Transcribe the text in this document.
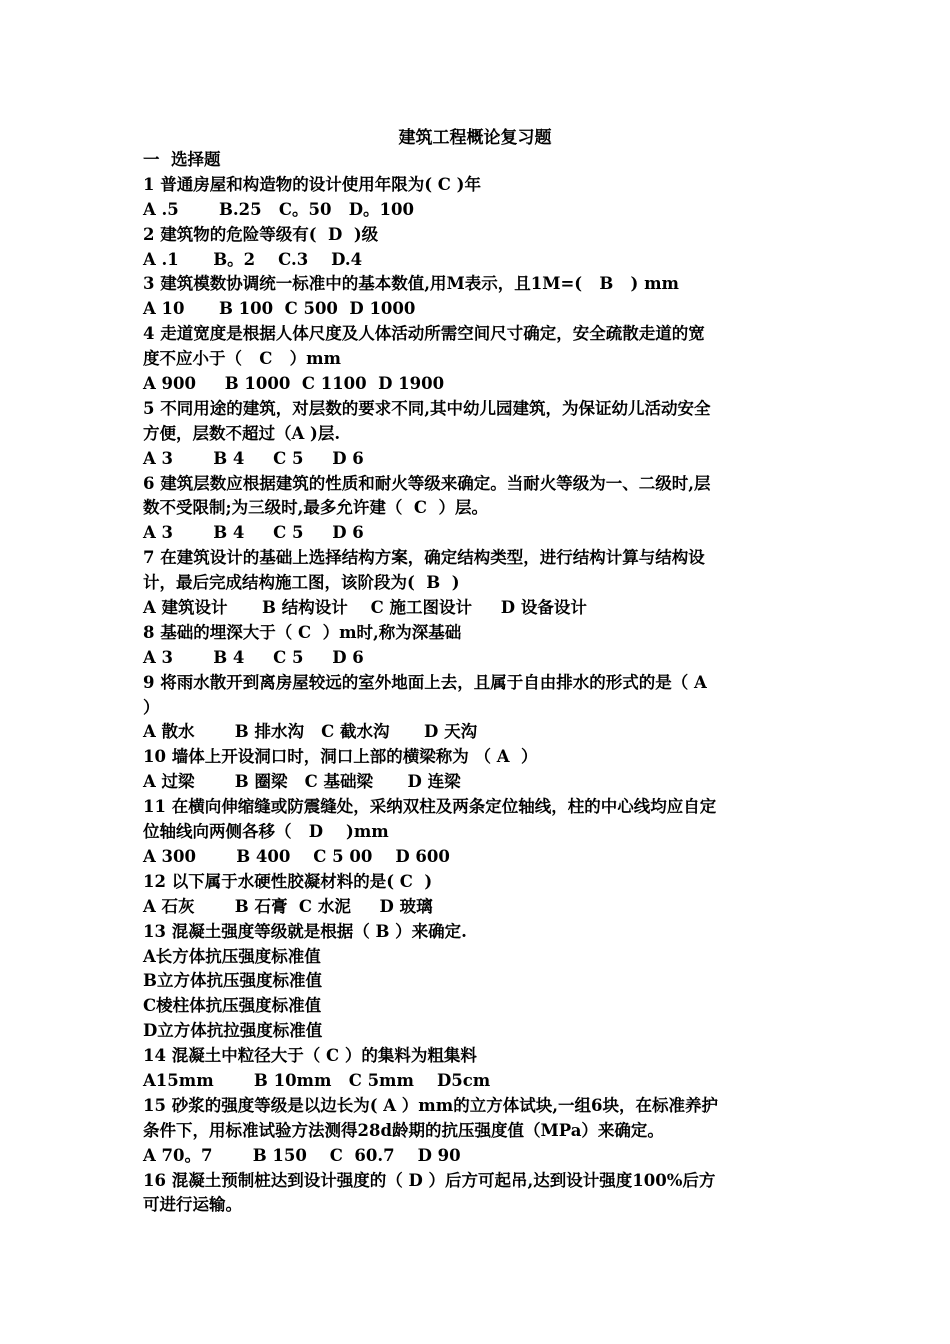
建筑工程概论复习题
一  选择题
1 普通房屋和构造物的设计使用年限为( C )年
A .5       B.25   C。50   D。100
2 建筑物的危险等级有(  D  )级
A .1      B。2    C.3    D.4
3 建筑模数协调统一标准中的基本数值,用M表示，且1M=(   B   ) mm
A 10      B 100  C 500  D 1000
4 走道宽度是根据人体尺度及人体活动所需空间尺寸确定，安全疏散走道的宽
度不应小于（   C   ）mm
A 900     B 1000  C 1100  D 1900
5 不同用途的建筑，对层数的要求不同,其中幼儿园建筑，为保证幼儿活动安全
方便，层数不超过（A )层.
A 3       B 4     C 5     D 6
6 建筑层数应根据建筑的性质和耐火等级来确定。当耐火等级为一、二级时,层
数不受限制;为三级时,最多允许建（  C  ）层。
A 3       B 4     C 5     D 6
7 在建筑设计的基础上选择结构方案，确定结构类型，进行结构计算与结构设
计，最后完成结构施工图，该阶段为(  B  )
A 建筑设计      B 结构设计    C 施工图设计     D 设备设计
8 基础的埋深大于（ C  ）m时,称为深基础
A 3       B 4     C 5     D 6
9 将雨水散开到离房屋较远的室外地面上去，且属于自由排水的形式的是（ A
）
A 散水       B 排水沟   C 截水沟      D 天沟
10 墙体上开设洞口时，洞口上部的横梁称为 （ A  ）
A 过梁       B 圈梁   C 基础梁      D 连梁
11 在横向伸缩缝或防震缝处，采纳双柱及两条定位轴线，柱的中心线均应自定
位轴线向两侧各移（   D    )mm
A 300       B 400    C 5 00    D 600
12 以下属于水硬性胶凝材料的是( C  )
A 石灰       B 石膏  C 水泥     D 玻璃
13 混凝土强度等级就是根据（ B ）来确定.
A长方体抗压强度标准值
B立方体抗压强度标准值
C棱柱体抗压强度标准值
D立方体抗拉强度标准值
14 混凝土中粒径大于（ C ）的集料为粗集料
A15mm       B 10mm   C 5mm    D5cm
15 砂浆的强度等级是以边长为( A ）mm的立方体试块,一组6块，在标准养护
条件下，用标准试验方法测得28d龄期的抗压强度值（MPa）来确定。
A 70。7       B 150    C  60.7    D 90
16 混凝土预制桩达到设计强度的（ D ）后方可起吊,达到设计强度100%后方
可进行运输。
